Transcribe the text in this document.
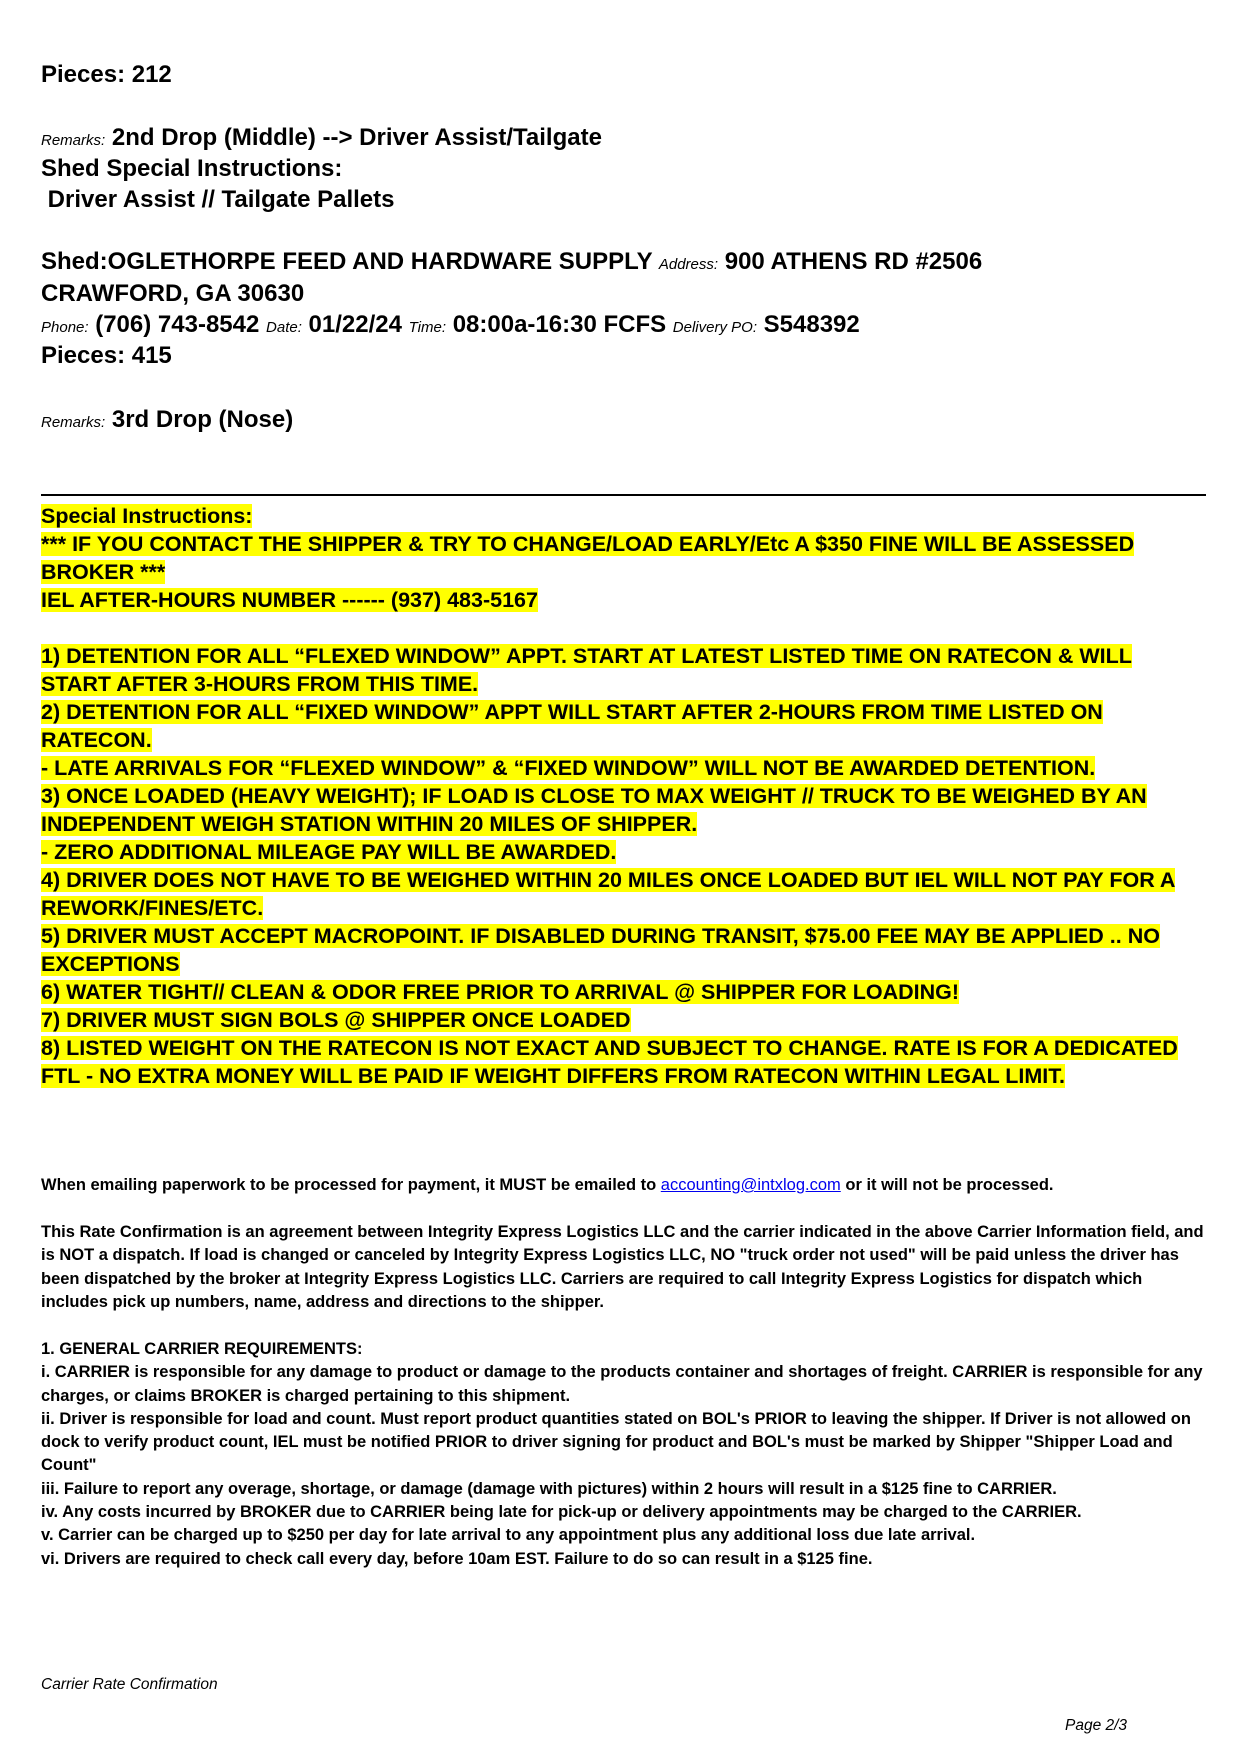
Pieces: 212
Remarks: 2nd Drop (Middle) --> Driver Assist/Tailgate
Shed Special Instructions:
Driver Assist // Tailgate Pallets
Shed:OGLETHORPE FEED AND HARDWARE SUPPLY Address: 900 ATHENS RD #2506
CRAWFORD, GA 30630
Phone: (706) 743-8542 Date: 01/22/24 Time: 08:00a-16:30 FCFS Delivery PO: S548392
Pieces: 415
Remarks: 3rd Drop (Nose)
Special Instructions:
*** IF YOU CONTACT THE SHIPPER & TRY TO CHANGE/LOAD EARLY/Etc A $350 FINE WILL BE ASSESSED BROKER ***
IEL AFTER-HOURS NUMBER ------ (937) 483-5167
1) DETENTION FOR ALL “FLEXED WINDOW” APPT. START AT LATEST LISTED TIME ON RATECON & WILL START AFTER 3-HOURS FROM THIS TIME.
2) DETENTION FOR ALL “FIXED WINDOW” APPT WILL START AFTER 2-HOURS FROM TIME LISTED ON RATECON.
- LATE ARRIVALS FOR “FLEXED WINDOW” & “FIXED WINDOW” WILL NOT BE AWARDED DETENTION.
3) ONCE LOADED (HEAVY WEIGHT); IF LOAD IS CLOSE TO MAX WEIGHT // TRUCK TO BE WEIGHED BY AN INDEPENDENT WEIGH STATION WITHIN 20 MILES OF SHIPPER.
- ZERO ADDITIONAL MILEAGE PAY WILL BE AWARDED.
4) DRIVER DOES NOT HAVE TO BE WEIGHED WITHIN 20 MILES ONCE LOADED BUT IEL WILL NOT PAY FOR A REWORK/FINES/ETC.
5) DRIVER MUST ACCEPT MACROPOINT. IF DISABLED DURING TRANSIT, $75.00 FEE MAY BE APPLIED .. NO EXCEPTIONS
6) WATER TIGHT// CLEAN & ODOR FREE PRIOR TO ARRIVAL @ SHIPPER FOR LOADING!
7) DRIVER MUST SIGN BOLS @ SHIPPER ONCE LOADED
8) LISTED WEIGHT ON THE RATECON IS NOT EXACT AND SUBJECT TO CHANGE. RATE IS FOR A DEDICATED FTL - NO EXTRA MONEY WILL BE PAID IF WEIGHT DIFFERS FROM RATECON WITHIN LEGAL LIMIT.
When emailing paperwork to be processed for payment, it MUST be emailed to accounting@intxlog.com or it will not be processed.
This Rate Confirmation is an agreement between Integrity Express Logistics LLC and the carrier indicated in the above Carrier Information field, and is NOT a dispatch. If load is changed or canceled by Integrity Express Logistics LLC, NO "truck order not used" will be paid unless the driver has been dispatched by the broker at Integrity Express Logistics LLC. Carriers are required to call Integrity Express Logistics for dispatch which includes pick up numbers, name, address and directions to the shipper.
1. GENERAL CARRIER REQUIREMENTS:
i. CARRIER is responsible for any damage to product or damage to the products container and shortages of freight. CARRIER is responsible for any charges, or claims BROKER is charged pertaining to this shipment.
ii. Driver is responsible for load and count. Must report product quantities stated on BOL's PRIOR to leaving the shipper. If Driver is not allowed on dock to verify product count, IEL must be notified PRIOR to driver signing for product and BOL's must be marked by Shipper "Shipper Load and Count"
iii. Failure to report any overage, shortage, or damage (damage with pictures) within 2 hours will result in a $125 fine to CARRIER.
iv. Any costs incurred by BROKER due to CARRIER being late for pick-up or delivery appointments may be charged to the CARRIER.
v. Carrier can be charged up to $250 per day for late arrival to any appointment plus any additional loss due late arrival.
vi. Drivers are required to check call every day, before 10am EST. Failure to do so can result in a $125 fine.
Carrier Rate Confirmation
Page 2/3
